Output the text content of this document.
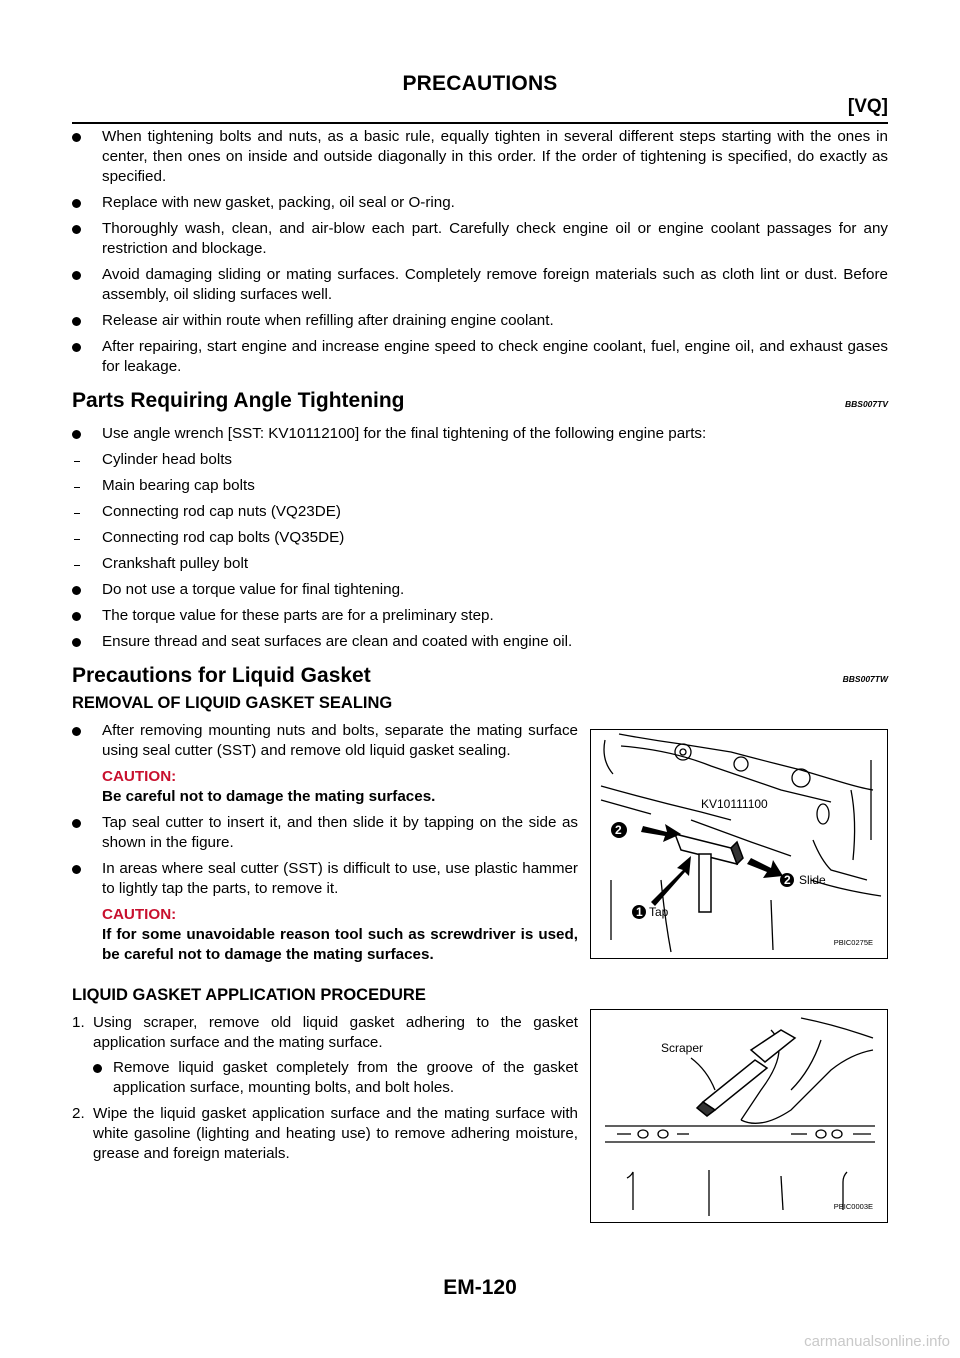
PRECAUTIONS
[VQ]
When tightening bolts and nuts, as a basic rule, equally tighten in several different steps starting with the ones in center, then ones on inside and outside diagonally in this order. If the order of tightening is specified, do exactly as specified.
Replace with new gasket, packing, oil seal or O-ring.
Thoroughly wash, clean, and air-blow each part. Carefully check engine oil or engine coolant passages for any restriction and blockage.
Avoid damaging sliding or mating surfaces. Completely remove foreign materials such as cloth lint or dust. Before assembly, oil sliding surfaces well.
Release air within route when refilling after draining engine coolant.
After repairing, start engine and increase engine speed to check engine coolant, fuel, engine oil, and exhaust gases for leakage.
Parts Requiring Angle Tightening	BBS007TV
Use angle wrench [SST: KV10112100] for the final tightening of the following engine parts:
Cylinder head bolts
Main bearing cap bolts
Connecting rod cap nuts (VQ23DE)
Connecting rod cap bolts (VQ35DE)
Crankshaft pulley bolt
Do not use a torque value for final tightening.
The torque value for these parts are for a preliminary step.
Ensure thread and seat surfaces are clean and coated with engine oil.
Precautions for Liquid Gasket	BBS007TW
REMOVAL OF LIQUID GASKET SEALING
After removing mounting nuts and bolts, separate the mating surface using seal cutter (SST) and remove old liquid gasket sealing.
CAUTION:
Be careful not to damage the mating surfaces.
Tap seal cutter to insert it, and then slide it by tapping on the side as shown in the figure.
In areas where seal cutter (SST) is difficult to use, use plastic hammer to lightly tap the parts, to remove it.
CAUTION:
If for some unavoidable reason tool such as screwdriver is used, be careful not to damage the mating surfaces.
KV10111100
2
1 Tap
2 Slide
PBIC0275E
LIQUID GASKET APPLICATION PROCEDURE
1. Using scraper, remove old liquid gasket adhering to the gasket application surface and the mating surface.
Remove liquid gasket completely from the groove of the gasket application surface, mounting bolts, and bolt holes.
2. Wipe the liquid gasket application surface and the mating surface with white gasoline (lighting and heating use) to remove adhering moisture, grease and foreign materials.
Scraper
PBIC0003E
EM-120
carmanualsonline.info
